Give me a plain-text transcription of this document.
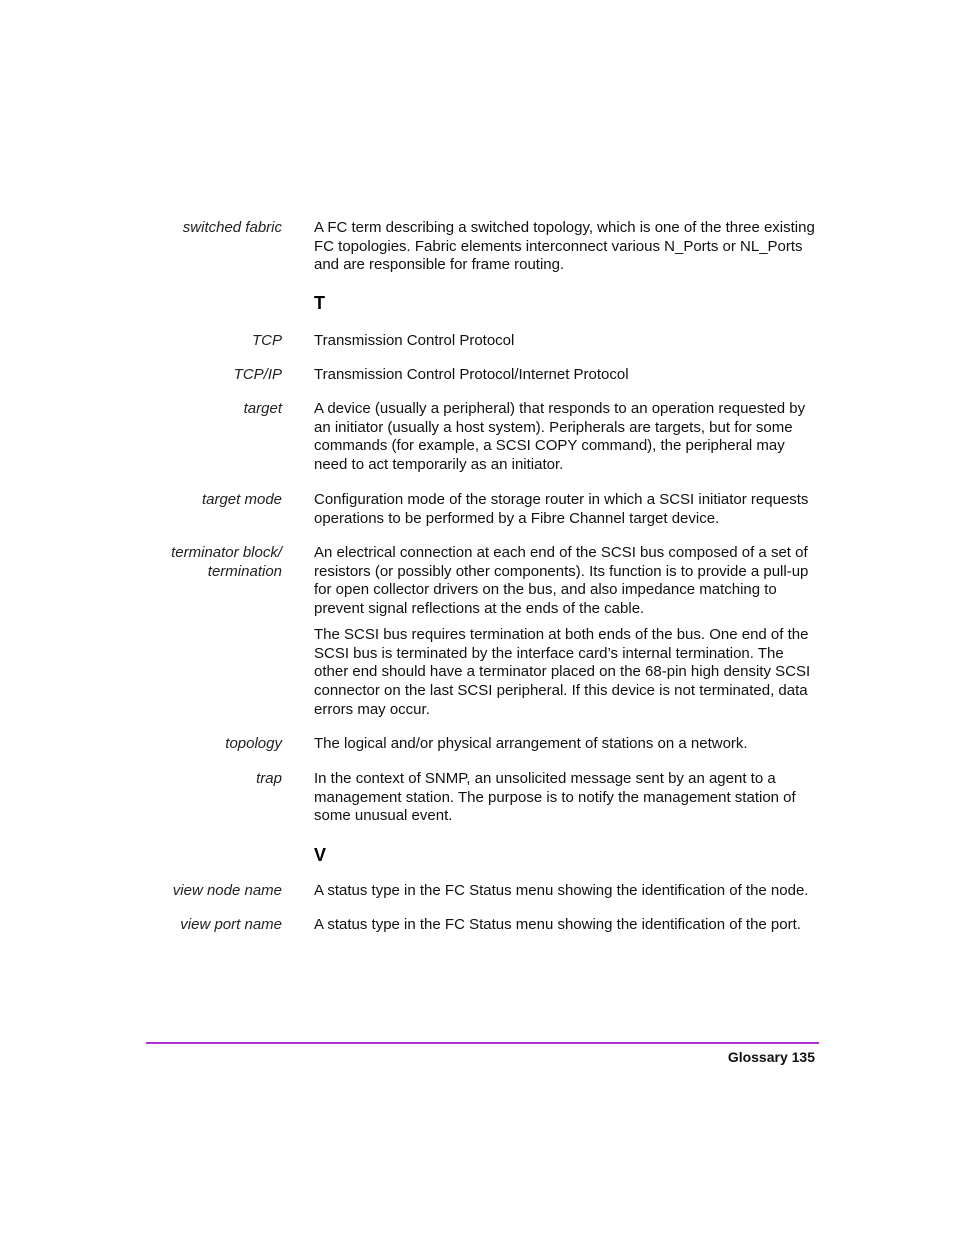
switched fabric A FC term describing a switched topology, which is one of the three existing FC topologies. Fabric elements interconnect various N_Ports or NL_Ports and are responsible for frame routing.

T
TCP Transmission Control Protocol

TCP/IP Transmission Control Protocol/Internet Protocol

target A device (usually a peripheral) that responds to an operation requested by an initiator (usually a host system). Peripherals are targets, but for some commands (for example, a SCSI COPY command), the peripheral may need to act temporarily as an initiator.

target mode Configuration mode of the storage router in which a SCSI initiator requests operations to be performed by a Fibre Channel target device.

terminator block/
termination

An electrical connection at each end of the SCSI bus composed of a set of resistors (or possibly other components). Its function is to provide a pull-up for open collector drivers on the bus, and also impedance matching to prevent signal reflections at the ends of the cable.

The SCSI bus requires termination at both ends of the bus. One end of the SCSI bus is terminated by the interface card’s internal termination. The other end should have a terminator placed on the 68-pin high density SCSI connector on the last SCSI peripheral. If this device is not terminated, data errors may occur.

topology The logical and/or physical arrangement of stations on a network.

trap In the context of SNMP, an unsolicited message sent by an agent to a management station. The purpose is to notify the management station of some unusual event.

V
view node name A status type in the FC Status menu showing the identification of the node.

view port name A status type in the FC Status menu showing the identification of the port.

Glossary 135
